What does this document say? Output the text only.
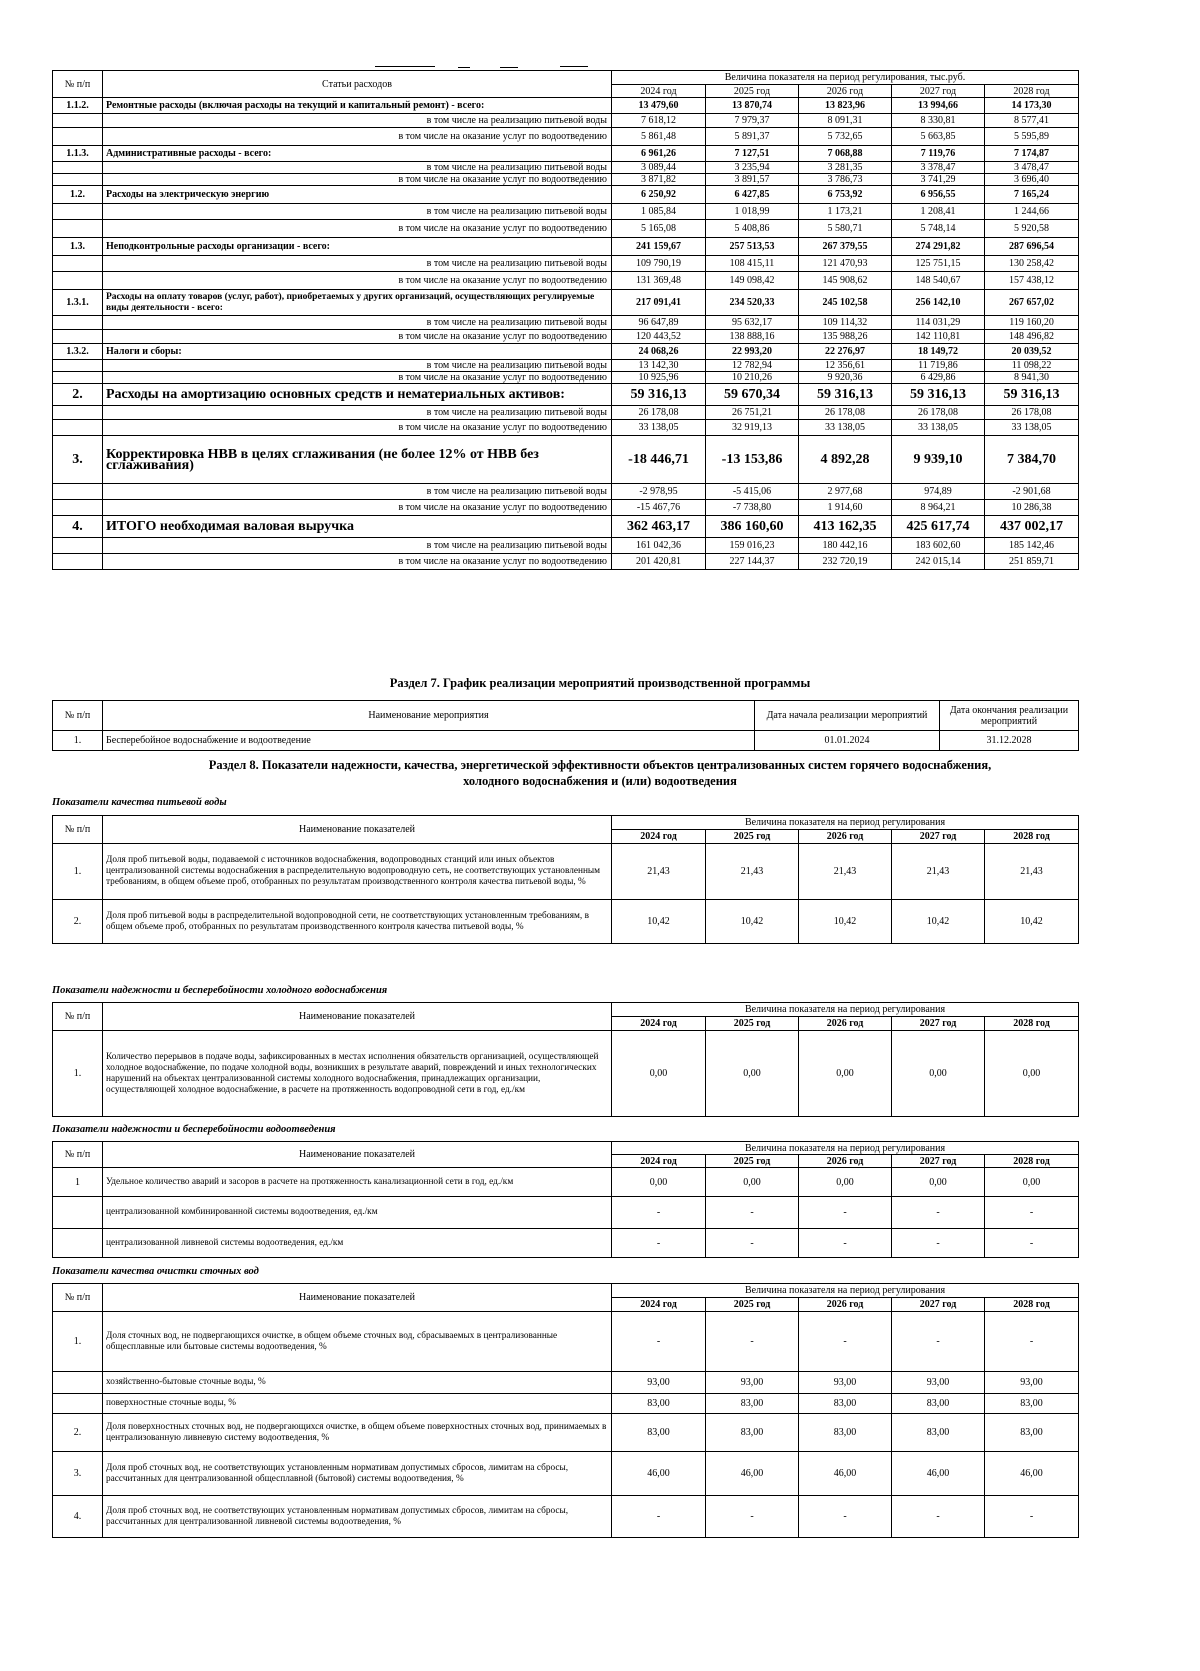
№ п/п	Статьи расходов	Величина показателя на период регулирования, тыс.руб.				
		2024 год	2025 год	2026 год	2027 год	2028 год
1.1.2.	Ремонтные расходы (включая расходы на текущий и капитальный ремонт) - всего:	13 479,60	13 870,74	13 823,96	13 994,66	14 173,30
	в том числе на реализацию питьевой воды	7 618,12	7 979,37	8 091,31	8 330,81	8 577,41
	в том числе на оказание услуг по водоотведению	5 861,48	5 891,37	5 732,65	5 663,85	5 595,89
1.1.3.	Административные расходы - всего:	6 961,26	7 127,51	7 068,88	7 119,76	7 174,87
	в том числе на реализацию питьевой воды	3 089,44	3 235,94	3 281,35	3 378,47	3 478,47
	в том числе на оказание услуг по водоотведению	3 871,82	3 891,57	3 786,73	3 741,29	3 696,40
1.2.	Расходы на электрическую энергию	6 250,92	6 427,85	6 753,92	6 956,55	7 165,24
	в том числе на реализацию питьевой воды	1 085,84	1 018,99	1 173,21	1 208,41	1 244,66
	в том числе на оказание услуг по водоотведению	5 165,08	5 408,86	5 580,71	5 748,14	5 920,58
1.3.	Неподконтрольные расходы организации - всего:	241 159,67	257 513,53	267 379,55	274 291,82	287 696,54
	в том числе на реализацию питьевой воды	109 790,19	108 415,11	121 470,93	125 751,15	130 258,42
	в том числе на оказание услуг по водоотведению	131 369,48	149 098,42	145 908,62	148 540,67	157 438,12
1.3.1.	Расходы на оплату товаров (услуг, работ), приобретаемых у других организаций, осуществляющих регулируемые виды деятельности - всего:	217 091,41	234 520,33	245 102,58	256 142,10	267 657,02
	в том числе на реализацию питьевой воды	96 647,89	95 632,17	109 114,32	114 031,29	119 160,20
	в том числе на оказание услуг по водоотведению	120 443,52	138 888,16	135 988,26	142 110,81	148 496,82
1.3.2.	Налоги и сборы:	24 068,26	22 993,20	22 276,97	18 149,72	20 039,52
	в том числе на реализацию питьевой воды	13 142,30	12 782,94	12 356,61	11 719,86	11 098,22
	в том числе на оказание услуг по водоотведению	10 925,96	10 210,26	9 920,36	6 429,86	8 941,30
2.	Расходы на амортизацию основных средств и нематериальных активов:	59 316,13	59 670,34	59 316,13	59 316,13	59 316,13
	в том числе на реализацию питьевой воды	26 178,08	26 751,21	26 178,08	26 178,08	26 178,08
	в том числе на оказание услуг по водоотведению	33 138,05	32 919,13	33 138,05	33 138,05	33 138,05
3.	Корректировка НВВ в целях сглаживания (не более 12% от НВВ без сглаживания)	-18 446,71	-13 153,86	4 892,28	9 939,10	7 384,70
	в том числе на реализацию питьевой воды	-2 978,95	-5 415,06	2 977,68	974,89	-2 901,68
	в том числе на оказание услуг по водоотведению	-15 467,76	-7 738,80	1 914,60	8 964,21	10 286,38
4.	ИТОГО необходимая валовая выручка	362 463,17	386 160,60	413 162,35	425 617,74	437 002,17
	в том числе на реализацию питьевой воды	161 042,36	159 016,23	180 442,16	183 602,60	185 142,46
	в том числе на оказание услуг по водоотведению	201 420,81	227 144,37	232 720,19	242 015,14	251 859,71
Раздел 7. График реализации мероприятий производственной программы
№ п/п	Наименование мероприятия	Дата начала реализации мероприятий	Дата окончания реализации мероприятий
1.	Бесперебойное водоснабжение и водоотведение	01.01.2024	31.12.2028
Раздел 8. Показатели надежности, качества, энергетической эффективности объектов централизованных систем горячего водоснабжения,
холодного водоснабжения и (или) водоотведения
Показатели качества питьевой воды
№ п/п	Наименование показателей	Величина показателя на период регулирования				
		2024 год	2025 год	2026 год	2027 год	2028 год
1.	Доля проб питьевой воды, подаваемой с источников водоснабжения, водопроводных станций или иных объектов централизованной системы водоснабжения в распределительную водопроводную сеть, не соответствующих установленным требованиям, в общем объеме проб, отобранных по результатам производственного контроля качества питьевой воды, %	21,43	21,43	21,43	21,43	21,43
2.	Доля проб питьевой воды в распределительной водопроводной сети, не соответствующих установленным требованиям, в общем объеме проб, отобранных по результатам производственного контроля качества питьевой воды, %	10,42	10,42	10,42	10,42	10,42
Показатели надежности и бесперебойности холодного водоснабжения
№ п/п	Наименование показателей	Величина показателя на период регулирования				
		2024 год	2025 год	2026 год	2027 год	2028 год
1.	Количество перерывов в подаче воды, зафиксированных в местах исполнения обязательств организацией, осуществляющей холодное водоснабжение, по подаче холодной воды, возникших в результате аварий, повреждений и иных технологических нарушений на объектах централизованной системы холодного водоснабжения, принадлежащих организации, осуществляющей холодное водоснабжение, в расчете на протяженность водопроводной сети в год, ед./км	0,00	0,00	0,00	0,00	0,00
Показатели надежности и бесперебойности водоотведения
№ п/п	Наименование показателей	Величина показателя на период регулирования				
		2024 год	2025 год	2026 год	2027 год	2028 год
1	Удельное количество аварий и засоров в расчете на протяженность канализационной сети в год, ед./км	0,00	0,00	0,00	0,00	0,00
	централизованной комбинированной системы водоотведения, ед./км	-	-	-	-	-
	централизованной ливневой системы водоотведения, ед./км	-	-	-	-	-
Показатели качества очистки сточных вод
№ п/п	Наименование показателей	Величина показателя на период регулирования				
		2024 год	2025 год	2026 год	2027 год	2028 год
1.	Доля сточных вод, не подвергающихся очистке, в общем объеме сточных вод, сбрасываемых в централизованные общесплавные или бытовые системы водоотведения, %	-	-	-	-	-
	хозяйственно-бытовые сточные воды, %	93,00	93,00	93,00	93,00	93,00
	поверхностные сточные воды, %	83,00	83,00	83,00	83,00	83,00
2.	Доля поверхностных сточных вод, не подвергающихся очистке, в общем объеме поверхностных сточных вод, принимаемых в централизованную ливневую систему водоотведения, %	83,00	83,00	83,00	83,00	83,00
3.	Доля проб сточных вод, не соответствующих установленным нормативам допустимых сбросов, лимитам на сбросы, рассчитанных для централизованной общесплавной (бытовой) системы водоотведения, %	46,00	46,00	46,00	46,00	46,00
4.	Доля проб сточных вод, не соответствующих установленным нормативам допустимых сбросов, лимитам на сбросы, рассчитанных для централизованной ливневой системы водоотведения, %	-	-	-	-	-
